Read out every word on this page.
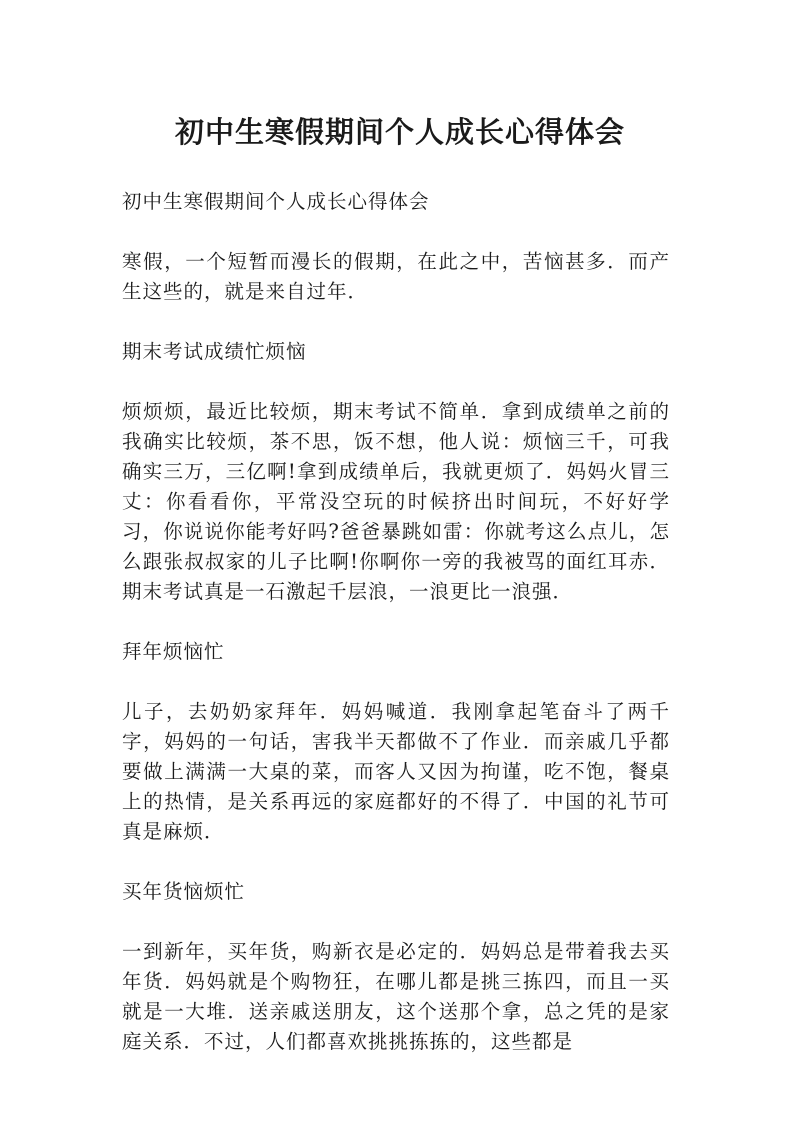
初中生寒假期间个人成长心得体会

初中生寒假期间个人成长心得体会

寒假，一个短暂而漫长的假期，在此之中，苦恼甚多．而产生这些的，就是来自过年．

期末考试成绩忙烦恼

烦烦烦，最近比较烦，期末考试不简单．拿到成绩单之前的我确实比较烦，茶不思，饭不想，他人说：烦恼三千，可我确实三万，三亿啊!拿到成绩单后，我就更烦了．妈妈火冒三丈：你看看你，平常没空玩的时候挤出时间玩，不好好学习，你说说你能考好吗?爸爸暴跳如雷：你就考这么点儿，怎么跟张叔叔家的儿子比啊!你啊你一旁的我被骂的面红耳赤．期末考试真是一石激起千层浪，一浪更比一浪强．

拜年烦恼忙

儿子，去奶奶家拜年．妈妈喊道．我刚拿起笔奋斗了两千字，妈妈的一句话，害我半天都做不了作业．而亲戚几乎都要做上满满一大桌的菜，而客人又因为拘谨，吃不饱，餐桌上的热情，是关系再远的家庭都好的不得了．中国的礼节可真是麻烦．

买年货恼烦忙

一到新年，买年货，购新衣是必定的．妈妈总是带着我去买年货．妈妈就是个购物狂，在哪儿都是挑三拣四，而且一买就是一大堆．送亲戚送朋友，这个送那个拿，总之凭的是家庭关系．不过，人们都喜欢挑挑拣拣的，这些都是
